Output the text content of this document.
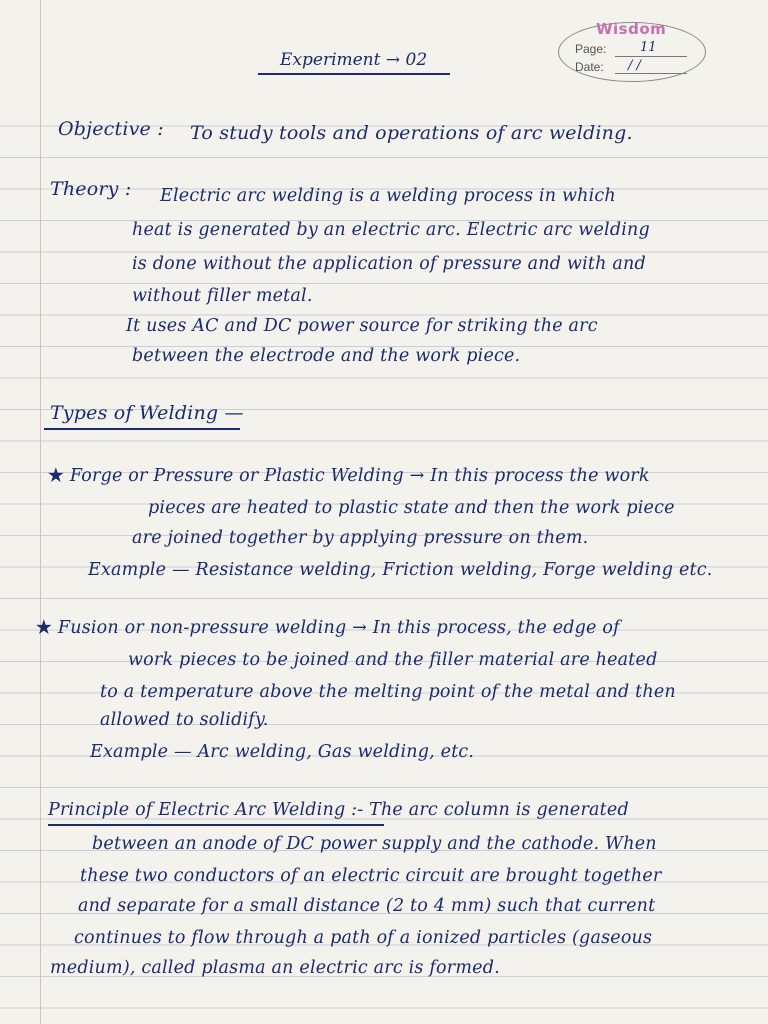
Wisdom
Page:	11
Date: / /
Experiment → 02
Objective : To study tools and operations of arc welding.
Theory : Electric arc welding is a welding process in which
heat is generated by an electric arc. Electric arc welding
is done without the application of pressure and with and
without filler metal.
It uses AC and DC power source for striking the arc
between the electrode and the work piece.
Types of Welding —
★ Forge or Pressure or Plastic Welding → In this process the work
pieces are heated to plastic state and then the work piece
are joined together by applying pressure on them.
Example — Resistance welding, Friction welding, Forge welding etc.
★ Fusion or non-pressure welding → In this process, the edge of
work pieces to be joined and the filler material are heated
to a temperature above the melting point of the metal and then
allowed to solidify.
Example — Arc welding, Gas welding, etc.
Principle of Electric Arc Welding :- The arc column is generated
between an anode of DC power supply and the cathode. When
these two conductors of an electric circuit are brought together
and separate for a small distance (2 to 4 mm) such that current
continues to flow through a path of a ionized particles (gaseous
medium), called plasma an electric arc is formed.
